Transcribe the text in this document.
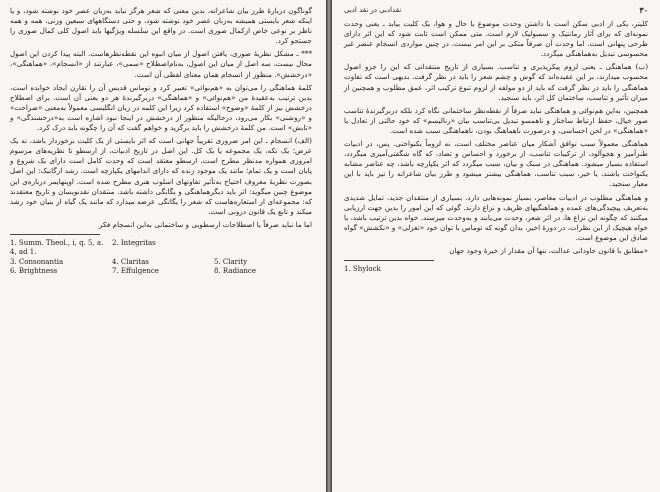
گوناگون دربارهٔ طرز بیان شاعرانه، بدین معنی که شعر هرگز نباید به‌زبان عصر خود نوشته شود، و یا اینکه شعر بایستی همیشه به‌زبان عصر خود نوشته شود، و حتی دستگاههای سبعین وزنی، همه و همه ناظر بر نوعی خاص ازکمال صوری است. در واقع این سلسله ویژگیها باید اصول کلی کمال صوری را جستجو کرد.

*** ـ مشکل نظریهٔ صوری، یافتن اصول از میان انبوه این نقطه‌نظرهاست. البته پیدا کردن این اصول محال نیست. سه اصل از میان این اصول، به‌نام‌اصطلاح «سمی»، عبارتند از «انسجام»، «هماهنگی»، «درخشش». منظور از انسجام همان معنای لفظی آن است.

کلمهٔ هماهنگی را می‌توان به «هم‌نوائی» تعبیر کرد و توماس قدیس آن را تقارن ایجاد خوانده است، بدین ترتیب به‌عقیدهٔ من «هم‌نوائی» و «هماهنگی» دربرگیرندهٔ هر دو یعنی آن است. برای اصطلاح درخشش نیز از کلمهٔ «وضوح» استفاده کرد زیرا این کلمه در زبان انگلیسی معمولاً به‌معنی «صراحت» و «روشنی» بکار می‌رود، درحالیکه منظور از درخشش در اینجا نبود اشاره است به‌«درخشندگی» و «تابش» است. من کلمهٔ درخشش را باید برگزید و خواهم گفت که آن را چگونه باید درک کرد.

(الف) انسجام ـ این امر ضروری تقریباً جهانی است که اثر بایستی از یک کلیت برخوردار باشد، نه یک عرض؛ یک تکه، یک مجموعه یا یک کل. این اصل در تاریخ ادبیات، از ارسطو تا نظریه‌های مرسوم امروزی همواره مدنظر مطرح است. ارسطو معتقد است که وحدت کامل است دارای یک شروع و پایان است و یک تمام؛ مانند یک موجود زنده که دارای اندامهای یکپارچه است. رشد ارگانیک: این اصل بصورت نظریهٔ معروف احتیاج به‌تأثیر تفاوتهای اسلوب هنری مطرح شده است. اوپنهایمر درباره‌ی این موضوع چنین میگوید: اثر باید دیگرهماهنگی و یگانگی داشته باشد. منتقدان نقدنویسان و تاریخ معتقدند که: مجموعه‌ای از استعاره‌هاست که شعر را یگانگی عرضه میدارد که مانند یک گیاه از بنیان خود رشد میکند و تابع یک قانون درونی است.

اما ما نباید صرفاً با اصطلاحات ارسطویی و ساختمانی به‌این انسجام فکر

1. Summ. Theol., i, q. 5, a. 4, ad 1.
2. Integritas
3. Consonantia	4. Claritas	5. Clarity
6. Brightness	7. Effulgence	8. Radiance
۳۰
نقدادبی در نقد ادبی

کلیتر، یکی از ادبی سکن است با داشتن وحدت موضوع یا حال و هوا، یک کلیت بیابد ـ یعنی وحدت نمونه‌ای که برای آثار رمانتیک و سمبولیک لازم است. متی ممکن است ثابت شود که این اثر دارای طرحی پنهانی است. اما وحدت آن صرفاً متکی بر این امر نیست. در چنین مواردی انسجام عنصر غیر محسوسی تبدیل به‌هماهنگی میگردد.

(ب) هماهنگی ـ یعنی لزوم پیکرپذیری و تناسب. بسیاری از تاریخ منتقدانی که این را جزو اصول محسوب میدارند، بر این عقیده‌اند که گوش و چشم شعر را باید در نظر گرفت. بدیهی است که تفاوت هماهنگی را باید در نظر گرفت که باید از دو مولفه از لزوم تنوع ترکیب اثر، عمق مطلوب و همچنین از میزان تأثیر و تناسب، ساختمان کل اثر، باید سنجید.

همچنین، به‌این هم‌نوائی و هماهنگی نباید صرفاً از نقطه‌نظر ساختمانی نگاه کرد بلکه دربرگیرندهٔ تناسب صور خیال، حفظ ارتباط ساختار و ناهمسو تبدیل بی‌تناسب بیان «رنالیسم» که خود حالتی از تعادل یا «هماهنگی» در لحن احساسی، و درصورت ناهماهنگ بودن، ناهماهنگی سبب شده است.

هماهنگی معمولاً سبب توافق آشکار میان عناصر مختلف است، نه لزوماً یکنواختی. پس، در ادبیات طنزآمیز و هجوآلود، از ترکیبات تناسب، از برخورد و احساس و تضاد، که گاه شگفتی‌آمیزی میگردد، استفاده بسیار میشود. هماهنگی در سبک و بیان، سبب میگردد که اثر یکپارچه باشد، چه عناصر مشابه یکنواخت باشند، یا خیر، سبب تناسب، هماهنگی بیشتر میشود و طرز بیان شاعرانه را نیز باید با این معیار سنجید.

و هماهنگی مطلوب در ادبیات معاصر، بسیار نمونه‌هایی دارد. بسیاری از منتقدان جدید، تمایل شدیدی به‌تعریف پیچیدگی‌های عمده و هماهنگیهای ظریف و نزاع دارند. گوئی که این امور را بدین جهت ارزیابی میکنند که چگونه این نزاع ها، در اثر شعر، وحدت می‌یابند و به‌وحدت میرسند. خواه بدین ترتیب باشد، یا خواه هیچیک از این نظرات، در دورهٔ اخیر، بدان گونه که توماس با توان خود «تغزلی» و «نکشش» گواه صادق این موضوع است.

«مطابق با قانون جاودانی عدالت، تنها آن مقدار از خیرهٔ وجود جهان

1. Shylock
